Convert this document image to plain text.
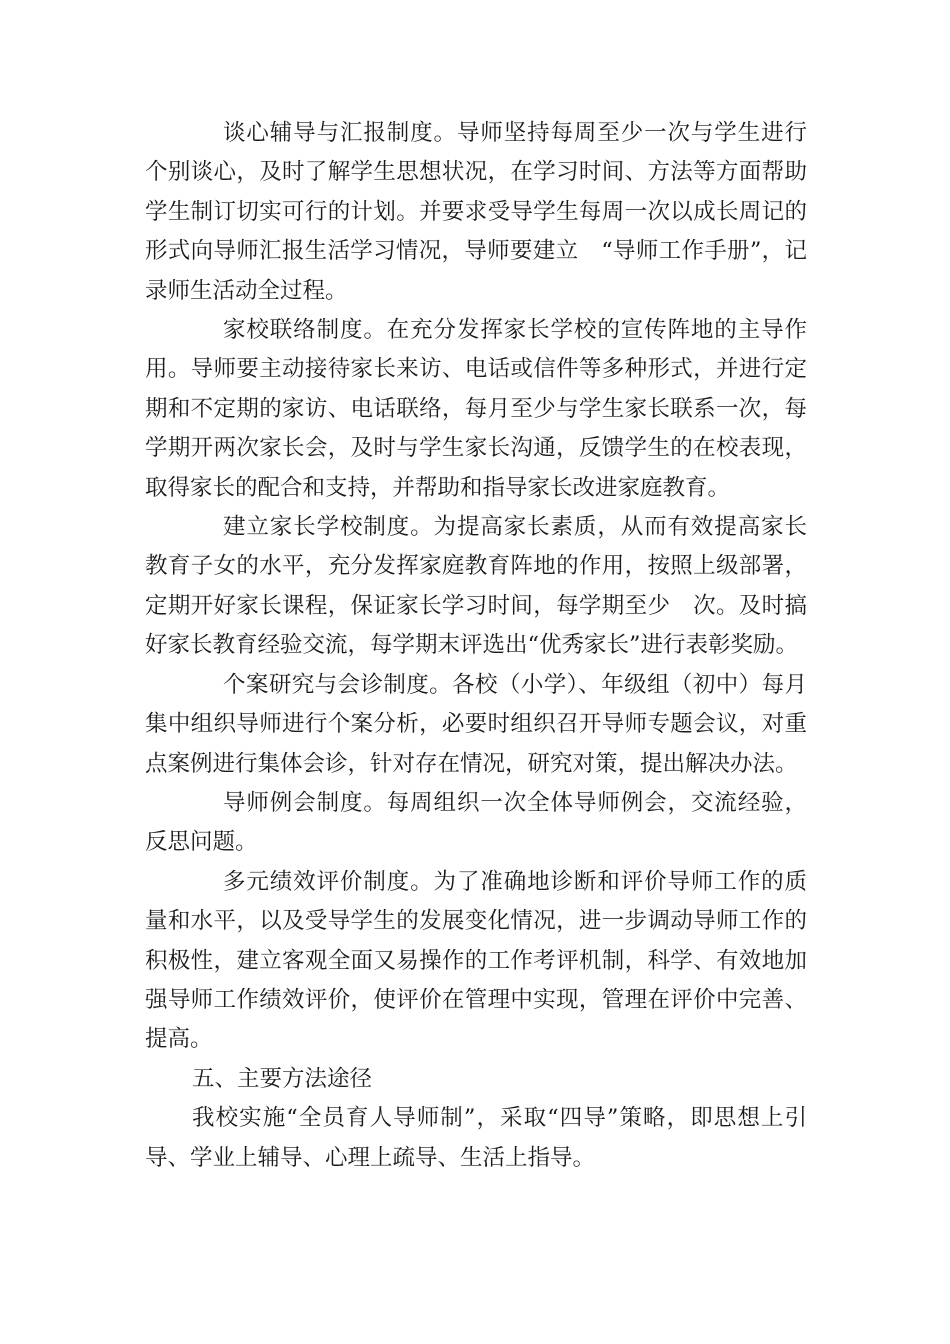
谈心辅导与汇报制度。导师坚持每周至少一次与学生进行个别谈心，及时了解学生思想状况，在学习时间、方法等方面帮助学生制订切实可行的计划。并要求受导学生每周一次以成长周记的形式向导师汇报生活学习情况，导师要建立　“导师工作手册”，记录师生活动全过程。

家校联络制度。在充分发挥家长学校的宣传阵地的主导作用。导师要主动接待家长来访、电话或信件等多种形式，并进行定期和不定期的家访、电话联络，每月至少与学生家长联系一次，每学期开两次家长会，及时与学生家长沟通，反馈学生的在校表现，取得家长的配合和支持，并帮助和指导家长改进家庭教育。

建立家长学校制度。为提高家长素质，从而有效提高家长教育子女的水平，充分发挥家庭教育阵地的作用，按照上级部署，定期开好家长课程，保证家长学习时间，每学期至少　次。及时搞好家长教育经验交流，每学期末评选出“优秀家长”进行表彰奖励。

个案研究与会诊制度。各校（小学）、年级组（初中）每月集中组织导师进行个案分析，必要时组织召开导师专题会议，对重点案例进行集体会诊，针对存在情况，研究对策，提出解决办法。

导师例会制度。每周组织一次全体导师例会，交流经验，反思问题。

多元绩效评价制度。为了准确地诊断和评价导师工作的质量和水平，以及受导学生的发展变化情况，进一步调动导师工作的积极性，建立客观全面又易操作的工作考评机制，科学、有效地加强导师工作绩效评价，使评价在管理中实现，管理在评价中完善、提高。

五、主要方法途径

我校实施“全员育人导师制”，采取“四导”策略，即思想上引导、学业上辅导、心理上疏导、生活上指导。
